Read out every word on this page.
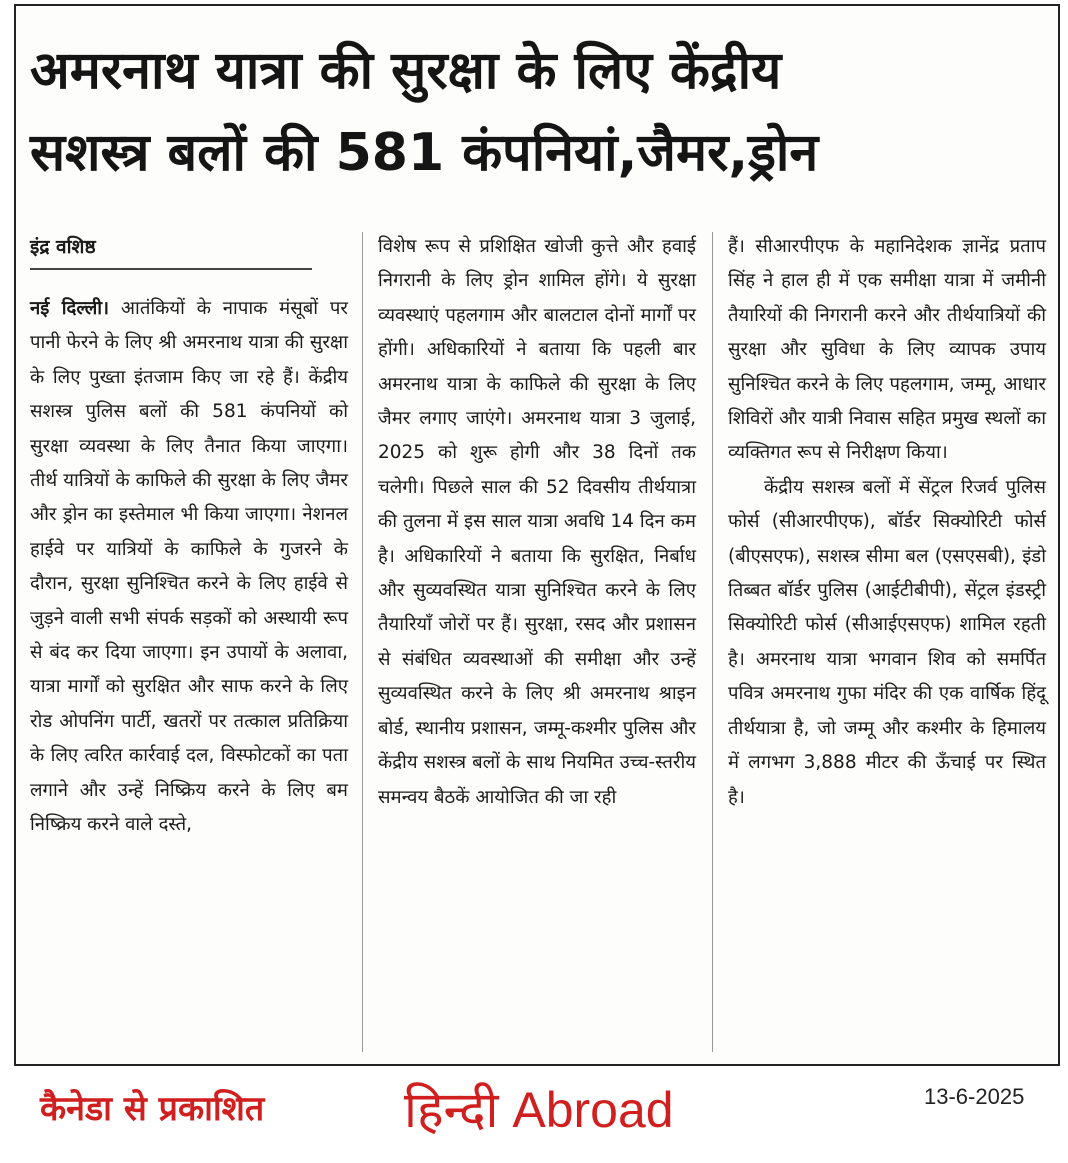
अमरनाथ यात्रा की सुरक्षा के लिए केंद्रीय
सशस्त्र बलों की 581 कंपनियां,जैमर,ड्रोन

इंद्र वशिष्ठ

नई दिल्ली। आतंकियों के नापाक मंसूबों पर पानी फेरने के लिए श्री अमरनाथ यात्रा की सुरक्षा के लिए पुख्ता इंतजाम किए जा रहे हैं। केंद्रीय सशस्त्र पुलिस बलों की 581 कंपनियों को सुरक्षा व्यवस्था के लिए तैनात किया जाएगा। तीर्थ यात्रियों के काफिले की सुरक्षा के लिए जैमर और ड्रोन का इस्तेमाल भी किया जाएगा। नेशनल हाईवे पर यात्रियों के काफिले के गुजरने के दौरान, सुरक्षा सुनिश्चित करने के लिए हाईवे से जुड़ने वाली सभी संपर्क सड़कों को अस्थायी रूप से बंद कर दिया जाएगा। इन उपायों के अलावा, यात्रा मार्गों को सुरक्षित और साफ करने के लिए रोड ओपनिंग पार्टी, खतरों पर तत्काल प्रतिक्रिया के लिए त्वरित कार्रवाई दल, विस्फोटकों का पता लगाने और उन्हें निष्क्रिय करने के लिए बम निष्क्रिय करने वाले दस्ते,

विशेष रूप से प्रशिक्षित खोजी कुत्ते और हवाई निगरानी के लिए ड्रोन शामिल होंगे। ये सुरक्षा व्यवस्थाएं पहलगाम और बालटाल दोनों मार्गों पर होंगी। अधिकारियों ने बताया कि पहली बार अमरनाथ यात्रा के काफिले की सुरक्षा के लिए जैमर लगाए जाएंगे। अमरनाथ यात्रा 3 जुलाई, 2025 को शुरू होगी और 38 दिनों तक चलेगी। पिछले साल की 52 दिवसीय तीर्थयात्रा की तुलना में इस साल यात्रा अवधि 14 दिन कम है। अधिकारियों ने बताया कि सुरक्षित, निर्बाध और सुव्यवस्थित यात्रा सुनिश्चित करने के लिए तैयारियाँ जोरों पर हैं। सुरक्षा, रसद और प्रशासन से संबंधित व्यवस्थाओं की समीक्षा और उन्हें सुव्यवस्थित करने के लिए श्री अमरनाथ श्राइन बोर्ड, स्थानीय प्रशासन, जम्मू-कश्मीर पुलिस और केंद्रीय सशस्त्र बलों के साथ नियमित उच्च-स्तरीय समन्वय बैठकें आयोजित की जा रही

हैं। सीआरपीएफ के महानिदेशक ज्ञानेंद्र प्रताप सिंह ने हाल ही में एक समीक्षा यात्रा में जमीनी तैयारियों की निगरानी करने और तीर्थयात्रियों की सुरक्षा और सुविधा के लिए व्यापक उपाय सुनिश्चित करने के लिए पहलगाम, जम्मू, आधार शिविरों और यात्री निवास सहित प्रमुख स्थलों का व्यक्तिगत रूप से निरीक्षण किया।

केंद्रीय सशस्त्र बलों में सेंट्रल रिजर्व पुलिस फोर्स (सीआरपीएफ), बॉर्डर सिक्योरिटी फोर्स (बीएसएफ), सशस्त्र सीमा बल (एसएसबी), इंडो तिब्बत बॉर्डर पुलिस (आईटीबीपी), सेंट्रल इंडस्ट्री सिक्योरिटी फोर्स (सीआईएसएफ) शामिल रहती है। अमरनाथ यात्रा भगवान शिव को समर्पित पवित्र अमरनाथ गुफा मंदिर की एक वार्षिक हिंदू तीर्थयात्रा है, जो जम्मू और कश्मीर के हिमालय में लगभग 3,888 मीटर की ऊँचाई पर स्थित है।

कैनेडा से प्रकाशित	हिन्दी Abroad	13-6-2025
